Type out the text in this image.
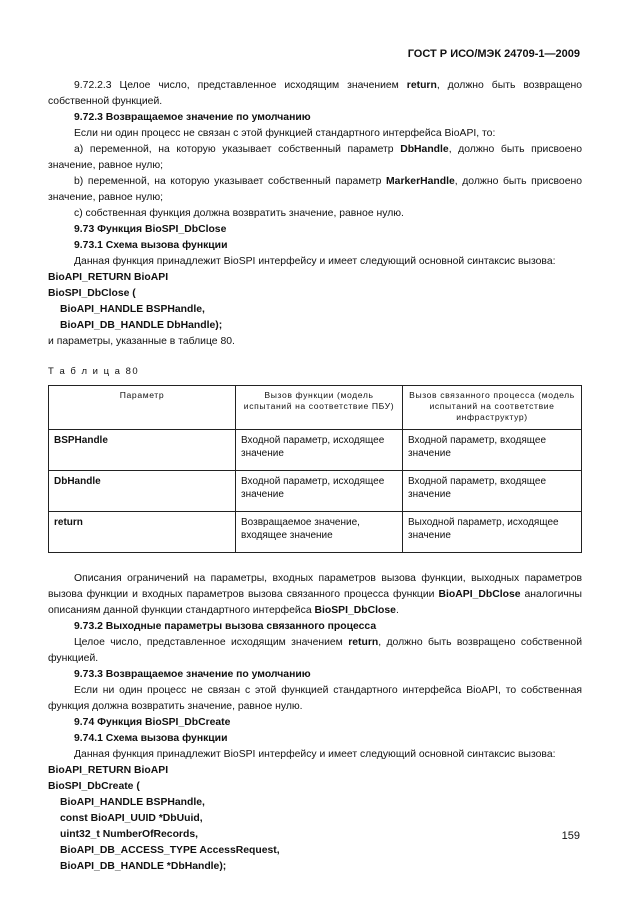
ГОСТ Р ИСО/МЭК 24709-1—2009

9.72.2.3 Целое число, представленное исходящим значением return, должно быть возвращено собственной функцией.

9.72.3 Возвращаемое значение по умолчанию

Если ни один процесс не связан с этой функцией стандартного интерфейса BioAPI, то:

а) переменной, на которую указывает собственный параметр DbHandle, должно быть присвоено значение, равное нулю;

b) переменной, на которую указывает собственный параметр MarkerHandle, должно быть присвоено значение, равное нулю;

с) собственная функция должна возвратить значение, равное нулю.

9.73 Функция BioSPI_DbClose

9.73.1 Схема вызова функции

Данная функция принадлежит BioSPI интерфейсу и имеет следующий основной синтаксис вызова:

BioAPI_RETURN BioAPI

BioSPI_DbClose (

BioAPI_HANDLE BSPHandle,

BioAPI_DB_HANDLE DbHandle);

и параметры, указанные в таблице 80.

Т а б л и ц а 80
Параметр	Вызов функции (модель испытаний на соответствие ПБУ)	Вызов связанного процесса (модель испытаний на соответствие инфраструктур)
BSPHandle	Входной параметр, исходящее значение	Входной параметр, входящее значение
DbHandle	Входной параметр, исходящее значение	Входной параметр, входящее значение
return	Возвращаемое значение, входящее значение	Выходной параметр, исходящее значение

Описания ограничений на параметры, входных параметров вызова функции, выходных параметров вызова функции и входных параметров вызова связанного процесса функции BioAPI_DbClose аналогичны описаниям данной функции стандартного интерфейса BioSPI_DbClose.

9.73.2 Выходные параметры вызова связанного процесса

Целое число, представленное исходящим значением return, должно быть возвращено собственной функцией.

9.73.3 Возвращаемое значение по умолчанию

Если ни один процесс не связан с этой функцией стандартного интерфейса BioAPI, то собственная функция должна возвратить значение, равное нулю.

9.74 Функция BioSPI_DbCreate

9.74.1 Схема вызова функции

Данная функция принадлежит BioSPI интерфейсу и имеет следующий основной синтаксис вызова:

BioAPI_RETURN BioAPI

BioSPI_DbCreate (

BioAPI_HANDLE BSPHandle,

const BioAPI_UUID *DbUuid,

uint32_t NumberOfRecords,

BioAPI_DB_ACCESS_TYPE AccessRequest,

BioAPI_DB_HANDLE *DbHandle);

159
